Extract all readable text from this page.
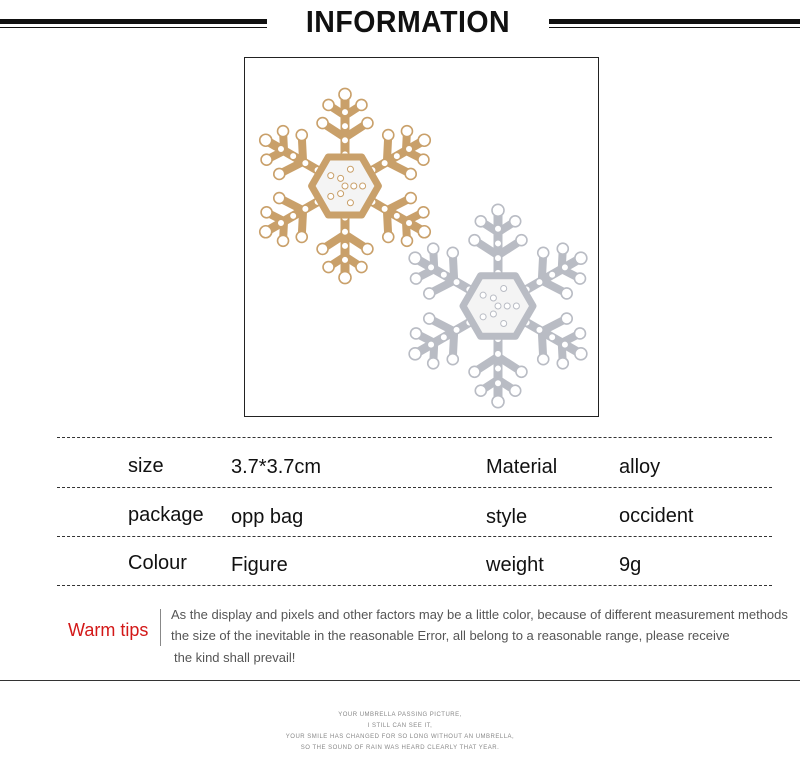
INFORMATION
size	3.7*3.7cm	Material	alloy
package opp bag	style	occident
Colour Figure	weight	9g
Warm tips
As the display and pixels and other factors may be a little color, because of different measurement methods
the size of the inevitable in the reasonable Error, all belong to a reasonable range, please receive
the kind shall prevail!
YOUR UMBRELLA PASSING PICTURE,
I STILL CAN SEE IT,
YOUR SMILE HAS CHANGED FOR SO LONG WITHOUT AN UMBRELLA,
SO THE SOUND OF RAIN WAS HEARD CLEARLY THAT YEAR.
